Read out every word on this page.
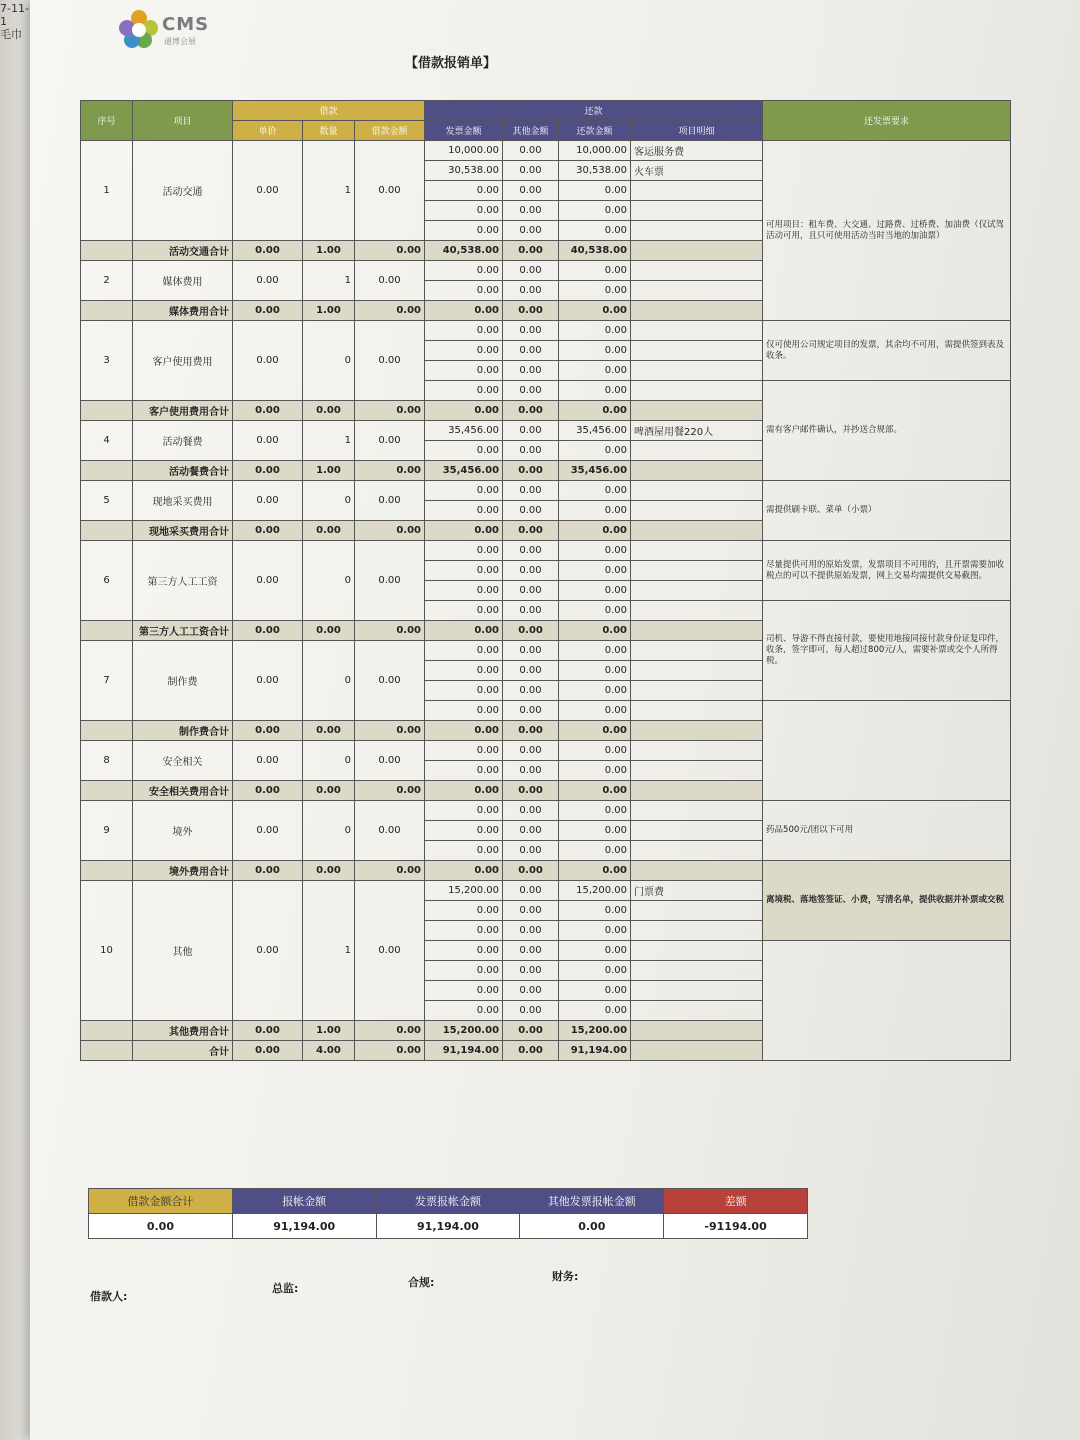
7-11-1
毛巾	CMS
通博会展
【借款报销单】
序号	项目	借款			还款				还发票要求
		单价	数量	借款金额	发票金额	其他金额	还款金额	项目明细	
1	活动交通	0.00	1	0.00	10,000.00	0.00	10,000.00	客运服务费	可用项目：租车费、大交通、过路费、过桥费、加油费（仅试驾活动可用，且只可使用活动当时当地的加油票）
					30,538.00	0.00	30,538.00	火车票	
					0.00	0.00	0.00		
					0.00	0.00	0.00		
					0.00	0.00	0.00		
	活动交通合计	0.00	1.00	0.00	40,538.00	0.00	40,538.00		
2	媒体费用	0.00	1	0.00	0.00	0.00	0.00		
					0.00	0.00	0.00		
	媒体费用合计	0.00	1.00	0.00	0.00	0.00	0.00		
3	客户使用费用	0.00	0	0.00	0.00	0.00	0.00		仅可使用公司规定项目的发票，其余均不可用，需提供签到表及收条。
					0.00	0.00	0.00		
					0.00	0.00	0.00		
					0.00	0.00	0.00		需有客户邮件确认，并抄送合规部。
	客户使用费用合计	0.00	0.00	0.00	0.00	0.00	0.00		
4	活动餐费	0.00	1	0.00	35,456.00	0.00	35,456.00	啤酒屋用餐220人	
					0.00	0.00	0.00		
	活动餐费合计	0.00	1.00	0.00	35,456.00	0.00	35,456.00		
5	现地采买费用	0.00	0	0.00	0.00	0.00	0.00		需提供刷卡联、菜单（小票）
					0.00	0.00	0.00		
	现地采买费用合计	0.00	0.00	0.00	0.00	0.00	0.00		
6	第三方人工工资	0.00	0	0.00	0.00	0.00	0.00		尽量提供可用的原始发票，发票项目不可用的，且开票需要加收税点的可以不提供原始发票，网上交易均需提供交易截图。
					0.00	0.00	0.00		
					0.00	0.00	0.00		
					0.00	0.00	0.00		司机、导游不得直接付款，要使用地接同接付款身份证复印件，收条，签字即可，每人超过800元/人，需要补票或交个人所得税。
	第三方人工工资合计	0.00	0.00	0.00	0.00	0.00	0.00		
7	制作费	0.00	0	0.00	0.00	0.00	0.00		
					0.00	0.00	0.00		
					0.00	0.00	0.00		
					0.00	0.00	0.00		
	制作费合计	0.00	0.00	0.00	0.00	0.00	0.00		
8	安全相关	0.00	0	0.00	0.00	0.00	0.00		
					0.00	0.00	0.00		
	安全相关费用合计	0.00	0.00	0.00	0.00	0.00	0.00		
9	境外	0.00	0	0.00	0.00	0.00	0.00		药品500元/团以下可用
					0.00	0.00	0.00		
					0.00	0.00	0.00		
	境外费用合计	0.00	0.00	0.00	0.00	0.00	0.00		离境税、落地签签证、小费，写清名单，提供收据并补票或交税
10	其他	0.00	1	0.00	15,200.00	0.00	15,200.00	门票费	
					0.00	0.00	0.00		
					0.00	0.00	0.00		
					0.00	0.00	0.00		
					0.00	0.00	0.00		
					0.00	0.00	0.00		
					0.00	0.00	0.00		
	其他费用合计	0.00	1.00	0.00	15,200.00	0.00	15,200.00		
	合计	0.00	4.00	0.00	91,194.00	0.00	91,194.00		
借款金额合计	报帐金额	发票报帐金额	其他发票报帐金额	差额
0.00	91,194.00	91,194.00	0.00	-91194.00
借款人:
总监:	合规:	财务:
